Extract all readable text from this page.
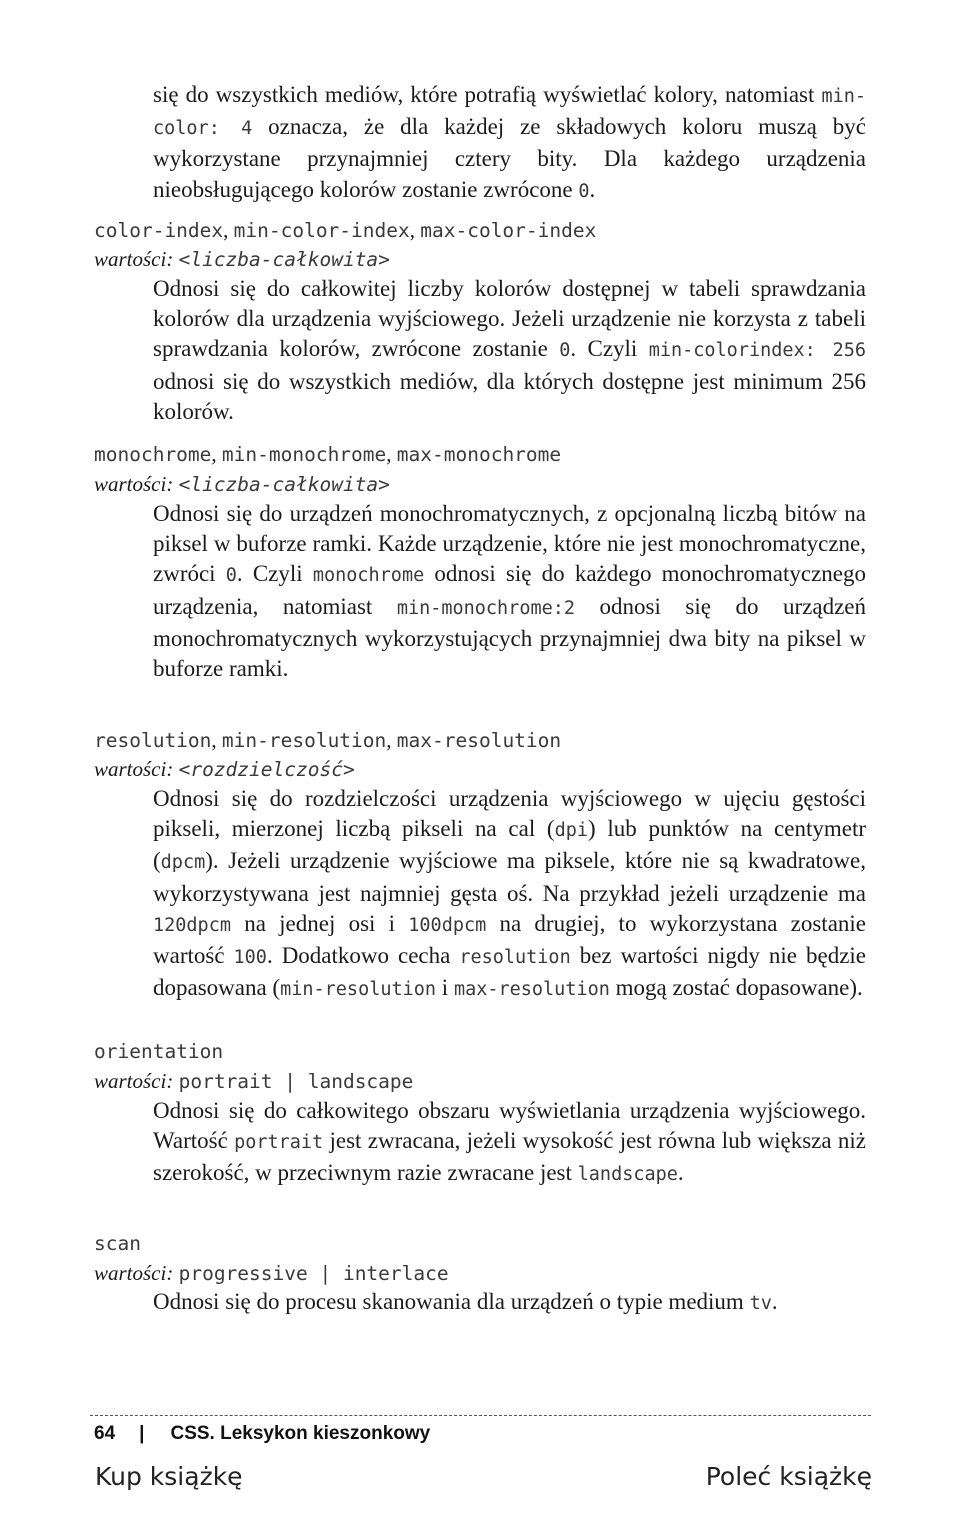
się do wszystkich mediów, które potrafią wyświetlać kolory, natomiast min-color: 4 oznacza, że dla każdej ze składowych koloru muszą być wykorzystane przynajmniej cztery bity. Dla każdego urządzenia nieobsługującego kolorów zostanie zwrócone 0.

color-index, min-color-index, max-color-index

wartości: <liczba-całkowita>

Odnosi się do całkowitej liczby kolorów dostępnej w tabeli sprawdzania kolorów dla urządzenia wyjściowego. Jeżeli urządzenie nie korzysta z tabeli sprawdzania kolorów, zwrócone zostanie 0. Czyli min-colorindex: 256 odnosi się do wszystkich mediów, dla których dostępne jest minimum 256 kolorów.

monochrome, min-monochrome, max-monochrome

wartości: <liczba-całkowita>

Odnosi się do urządzeń monochromatycznych, z opcjonalną liczbą bitów na piksel w buforze ramki. Każde urządzenie, które nie jest monochromatyczne, zwróci 0. Czyli monochrome odnosi się do każdego monochromatycznego urządzenia, natomiast min-monochrome:2 odnosi się do urządzeń monochromatycznych wykorzystujących przynajmniej dwa bity na piksel w buforze ramki.

resolution, min-resolution, max-resolution

wartości: <rozdzielczość>

Odnosi się do rozdzielczości urządzenia wyjściowego w ujęciu gęstości pikseli, mierzonej liczbą pikseli na cal (dpi) lub punktów na centymetr (dpcm). Jeżeli urządzenie wyjściowe ma piksele, które nie są kwadratowe, wykorzystywana jest najmniej gęsta oś. Na przykład jeżeli urządzenie ma 120dpcm na jednej osi i 100dpcm na drugiej, to wykorzystana zostanie wartość 100. Dodatkowo cecha resolution bez wartości nigdy nie będzie dopasowana (min-resolution i max-resolution mogą zostać dopasowane).

orientation

wartości: portrait | landscape

Odnosi się do całkowitego obszaru wyświetlania urządzenia wyjściowego. Wartość portrait jest zwracana, jeżeli wysokość jest równa lub większa niż szerokość, w przeciwnym razie zwracane jest landscape.

scan

wartości: progressive | interlace

Odnosi się do procesu skanowania dla urządzeń o typie medium tv.

64 | CSS. Leksykon kieszonkowy
Kup książkę	Poleć książkę
